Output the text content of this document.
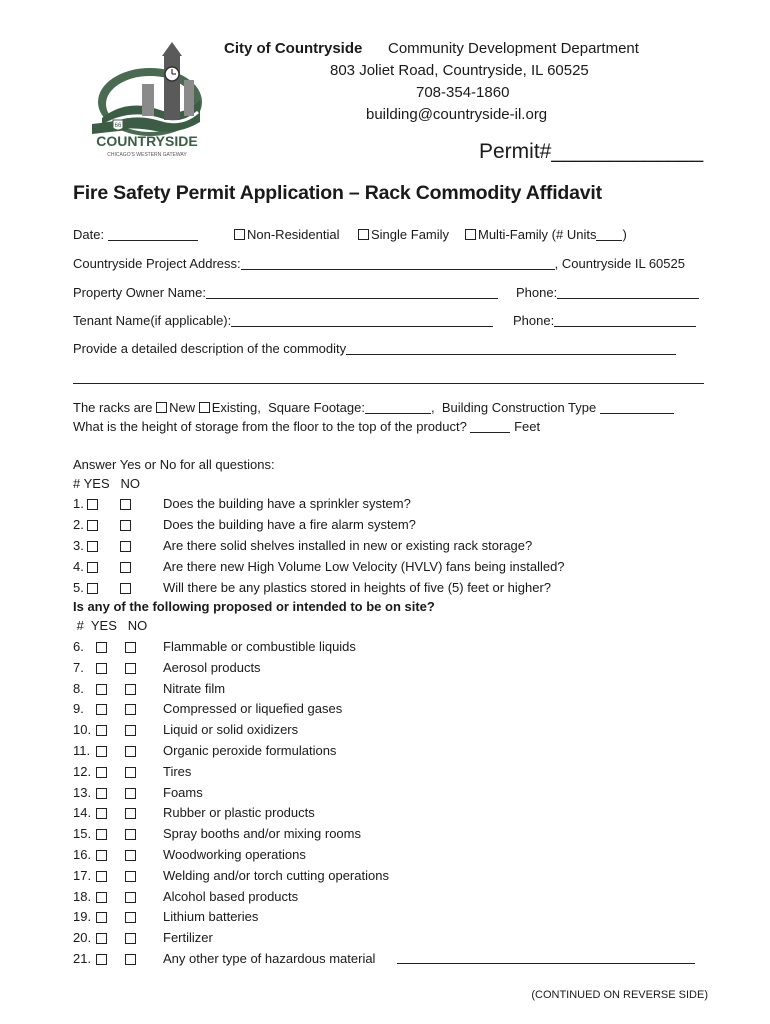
66
COUNTRYSIDE
CHICAGO'S WESTERN GATEWAY
City of Countryside Community Development Department
803 Joliet Road, Countryside, IL 60525
708-354-1860
building@countryside-il.org
Permit#_____________
Fire Safety Permit Application – Rack Commodity Affidavit
Date:	Non-Residential	Single Family	Multi-Family (# Units )
Countryside Project Address:	, Countryside IL 60525
Property Owner Name:	Phone:
Tenant Name(if applicable):	Phone:
Provide a detailed description of the commodity
The racks are New Existing, Square Footage:	,  Building Construction Type
What is the height of storage from the floor to the top of the product?	Feet
Answer Yes or No for all questions:
# YES NO
1.	Does the building have a sprinkler system?
2.	Does the building have a fire alarm system?
3.	Are there solid shelves installed in new or existing rack storage?
4.	Are there new High Volume Low Velocity (HVLV) fans being installed?
5.	Will there be any plastics stored in heights of five (5) feet or higher?
Is any of the following proposed or intended to be on site?
# YES NO
6.	Flammable or combustible liquids
7.	Aerosol products
8.	Nitrate film
9.	Compressed or liquefied gases
10.	Liquid or solid oxidizers
11.	Organic peroxide formulations
12.	Tires
13.	Foams
14.	Rubber or plastic products
15.	Spray booths and/or mixing rooms
16.	Woodworking operations
17.	Welding and/or torch cutting operations
18.	Alcohol based products
19.	Lithium batteries
20.	Fertilizer
21.	Any other type of hazardous material
(CONTINUED ON REVERSE SIDE)
